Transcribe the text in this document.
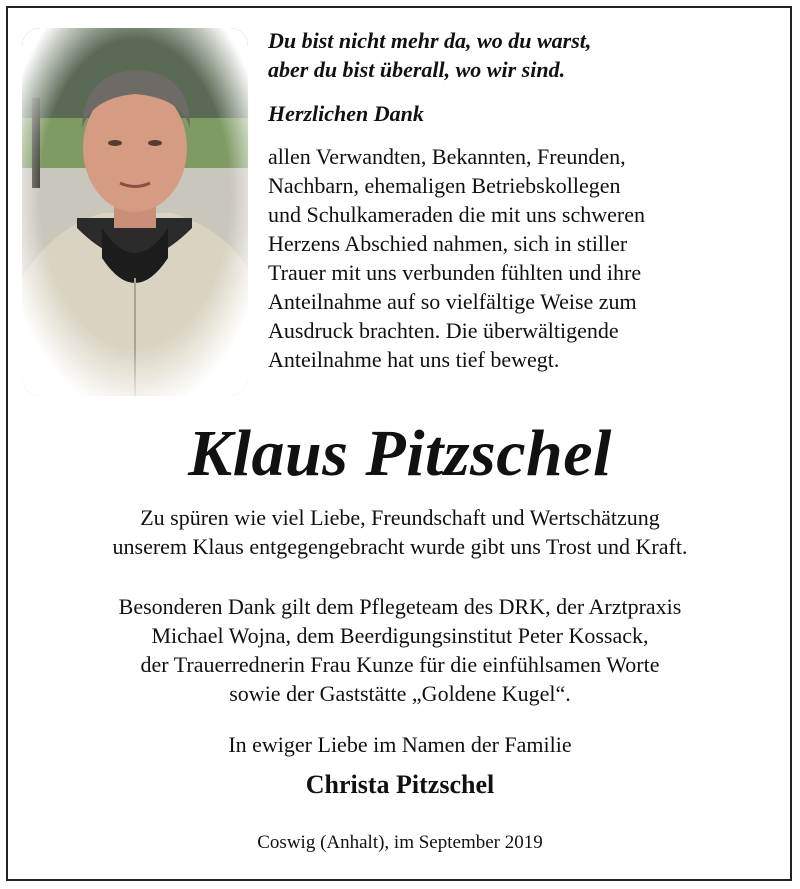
Du bist nicht mehr da, wo du warst,
aber du bist überall, wo wir sind.
Herzlichen Dank
allen Verwandten, Bekannten, Freunden,
Nachbarn, ehemaligen Betriebskollegen
und Schulkameraden die mit uns schweren
Herzens Abschied nahmen, sich in stiller
Trauer mit uns verbunden fühlten und ihre
Anteilnahme auf so vielfältige Weise zum
Ausdruck brachten. Die überwältigende
Anteilnahme hat uns tief bewegt.
Klaus Pitzschel
Zu spüren wie viel Liebe, Freundschaft und Wertschätzung
unserem Klaus entgegengebracht wurde gibt uns Trost und Kraft.
Besonderen Dank gilt dem Pflegeteam des DRK, der Arztpraxis
Michael Wojna, dem Beerdigungsinstitut Peter Kossack,
der Trauerrednerin Frau Kunze für die einfühlsamen Worte
sowie der Gaststätte „Goldene Kugel“.
In ewiger Liebe im Namen der Familie
Christa Pitzschel
Coswig (Anhalt), im September 2019
